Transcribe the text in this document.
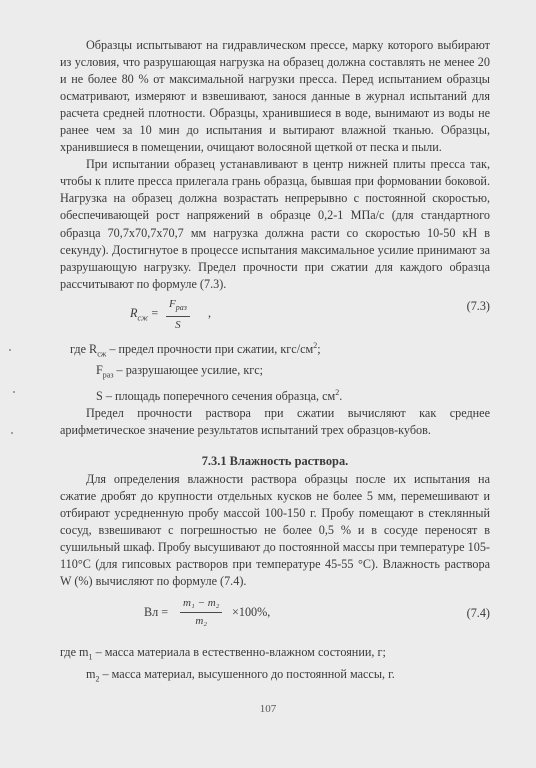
Образцы испытывают на гидравлическом прессе, марку которого выбирают из условия, что разрушающая нагрузка на образец должна составлять не менее 20 и не более 80 % от максимальной нагрузки пресса. Перед испытанием образцы осматривают, измеряют и взвешивают, занося данные в журнал испытаний для расчета средней плотности. Образцы, хранившиеся в воде, вынимают из воды не ранее чем за 10 мин до испытания и вытирают влажной тканью. Образцы, хранившиеся в помещении, очищают волосяной щеткой от песка и пыли.

При испытании образец устанавливают в центр нижней плиты пресса так, чтобы к плите пресса прилегала грань образца, бывшая при формовании боковой. Нагрузка на образец должна возрастать непрерывно с постоянной скоростью, обеспечивающей рост напряжений в образце 0,2-1 МПа/с (для стандартного образца 70,7х70,7х70,7 мм нагрузка должна расти со скоростью 10-50 кН в секунду). Достигнутое в процессе испытания максимальное усилие принимают за разрушающую нагрузку. Предел прочности при сжатии для каждого образца рассчитывают по формуле (7.3).

$R_{сж}$ =
$F_{раз}$
S
,	(7.3)

где $R_{сж}$ – предел прочности при сжатии, кгс/$см^2$;

$F_{раз}$ – разрушающее усилие, кгс;

S – площадь поперечного сечения образца, $см^2$.

Предел прочности раствора при сжатии вычисляют как среднее арифметическое значение результатов испытаний трех образцов-кубов.

7.3.1 Влажность раствора.

Для определения влажности раствора образцы после их испытания на сжатие дробят до крупности отдельных кусков не более 5 мм, перемешивают и отбирают усредненную пробу массой 100-150 г. Пробу помещают в стеклянный сосуд, взвешивают с погрешностью не более 0,5 % и в сосуде переносят в сушильный шкаф. Пробу высушивают до постоянной массы при температуре 105-110°С (для гипсовых растворов при температуре 45-55 °С). Влажность раствора W (%) вычисляют по формуле (7.4).

Вл = $\frac{\text{m₁ − m₂}}{\text{m₂}} \times 100\%$,	(7.4)

где $m_1$ – масса материала в естественно-влажном состоянии, г;

$m_2$ – масса материал, высушенного до постоянной массы, г.

107
